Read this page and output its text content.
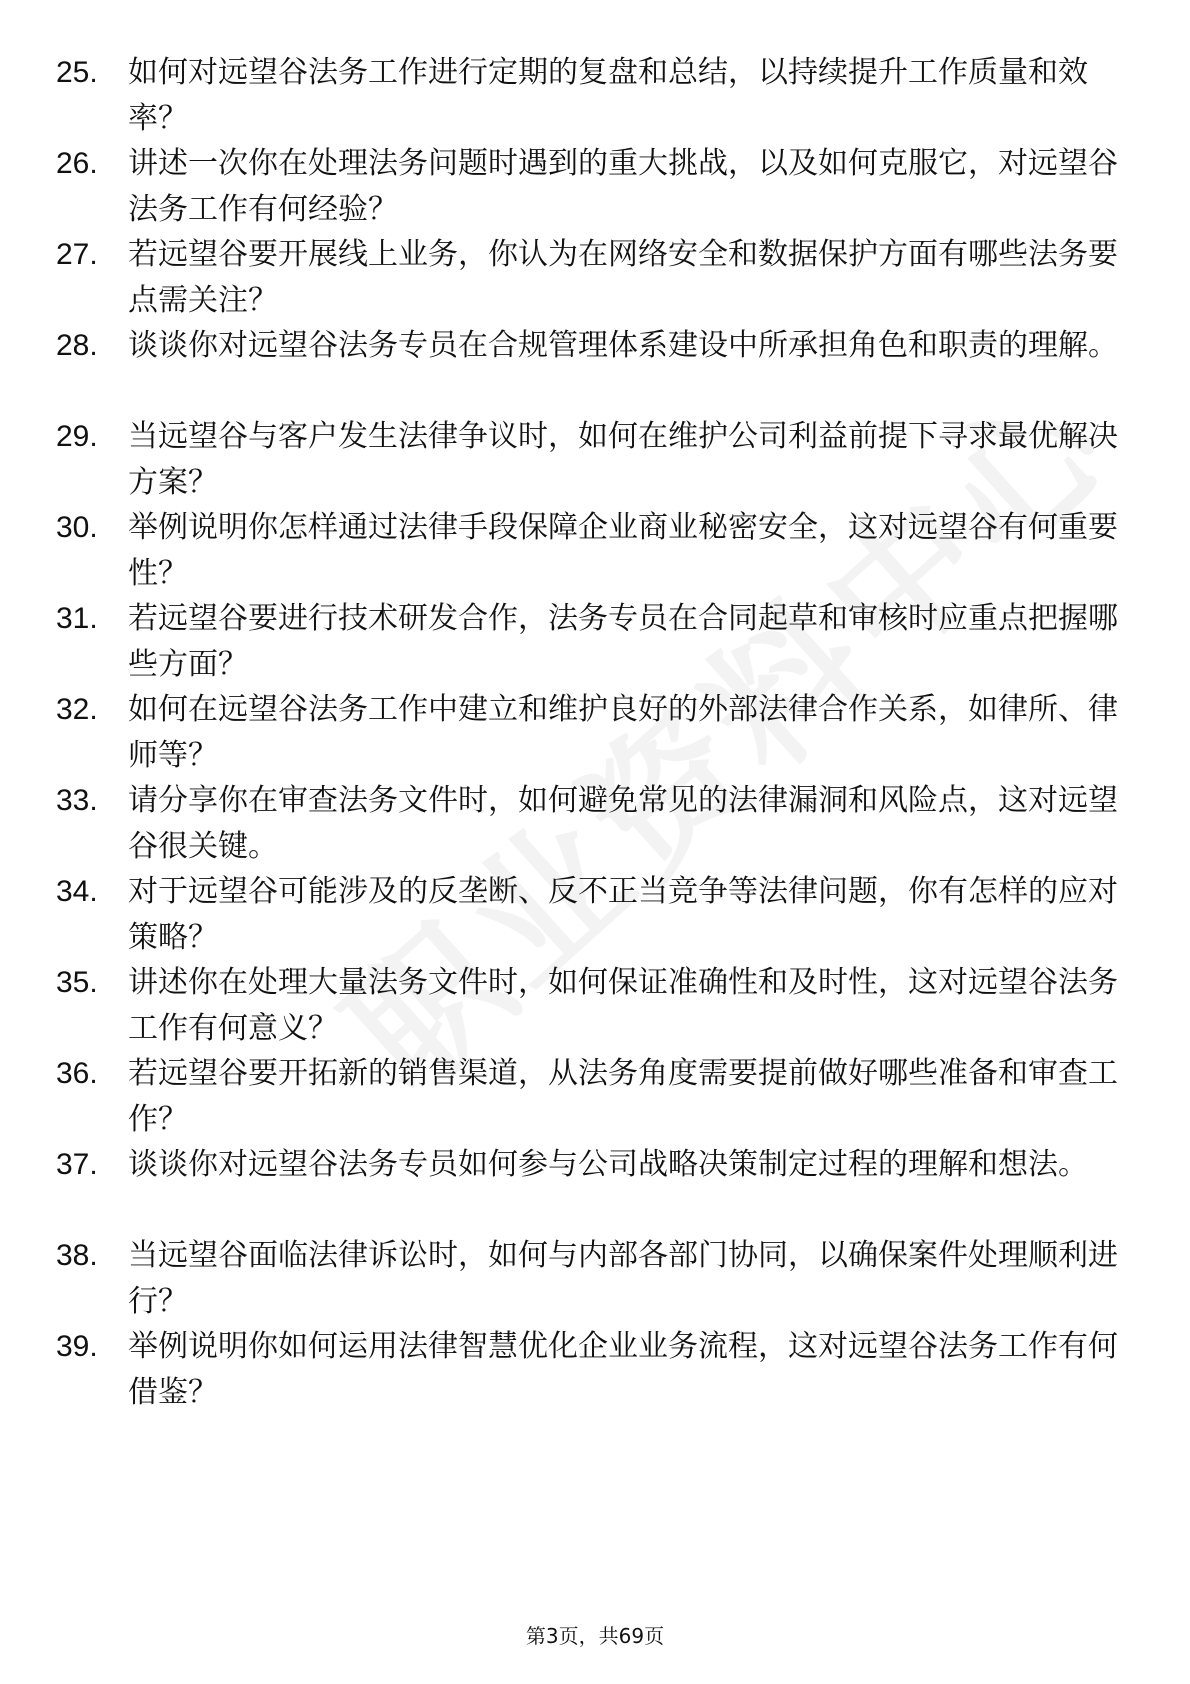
25.	如何对远望谷法务工作进行定期的复盘和总结，以持续提升工作质量和效率？
26.	讲述一次你在处理法务问题时遇到的重大挑战，以及如何克服它，对远望谷法务工作有何经验？
27.	若远望谷要开展线上业务，你认为在网络安全和数据保护方面有哪些法务要点需关注？
28.	谈谈你对远望谷法务专员在合规管理体系建设中所承担角色和职责的理解。
29.	当远望谷与客户发生法律争议时，如何在维护公司利益前提下寻求最优解决方案？
30.	举例说明你怎样通过法律手段保障企业商业秘密安全，这对远望谷有何重要性？
31.	若远望谷要进行技术研发合作，法务专员在合同起草和审核时应重点把握哪些方面？
32.	如何在远望谷法务工作中建立和维护良好的外部法律合作关系，如律所、律师等？
33.	请分享你在审查法务文件时，如何避免常见的法律漏洞和风险点，这对远望谷很关键。
34.	对于远望谷可能涉及的反垄断、反不正当竞争等法律问题，你有怎样的应对策略？
35.	讲述你在处理大量法务文件时，如何保证准确性和及时性，这对远望谷法务工作有何意义？
36.	若远望谷要开拓新的销售渠道，从法务角度需要提前做好哪些准备和审查工作？
37.	谈谈你对远望谷法务专员如何参与公司战略决策制定过程的理解和想法。
38.	当远望谷面临法律诉讼时，如何与内部各部门协同，以确保案件处理顺利进行？
39.	举例说明你如何运用法律智慧优化企业业务流程，这对远望谷法务工作有何借鉴？
第3页，共69页
